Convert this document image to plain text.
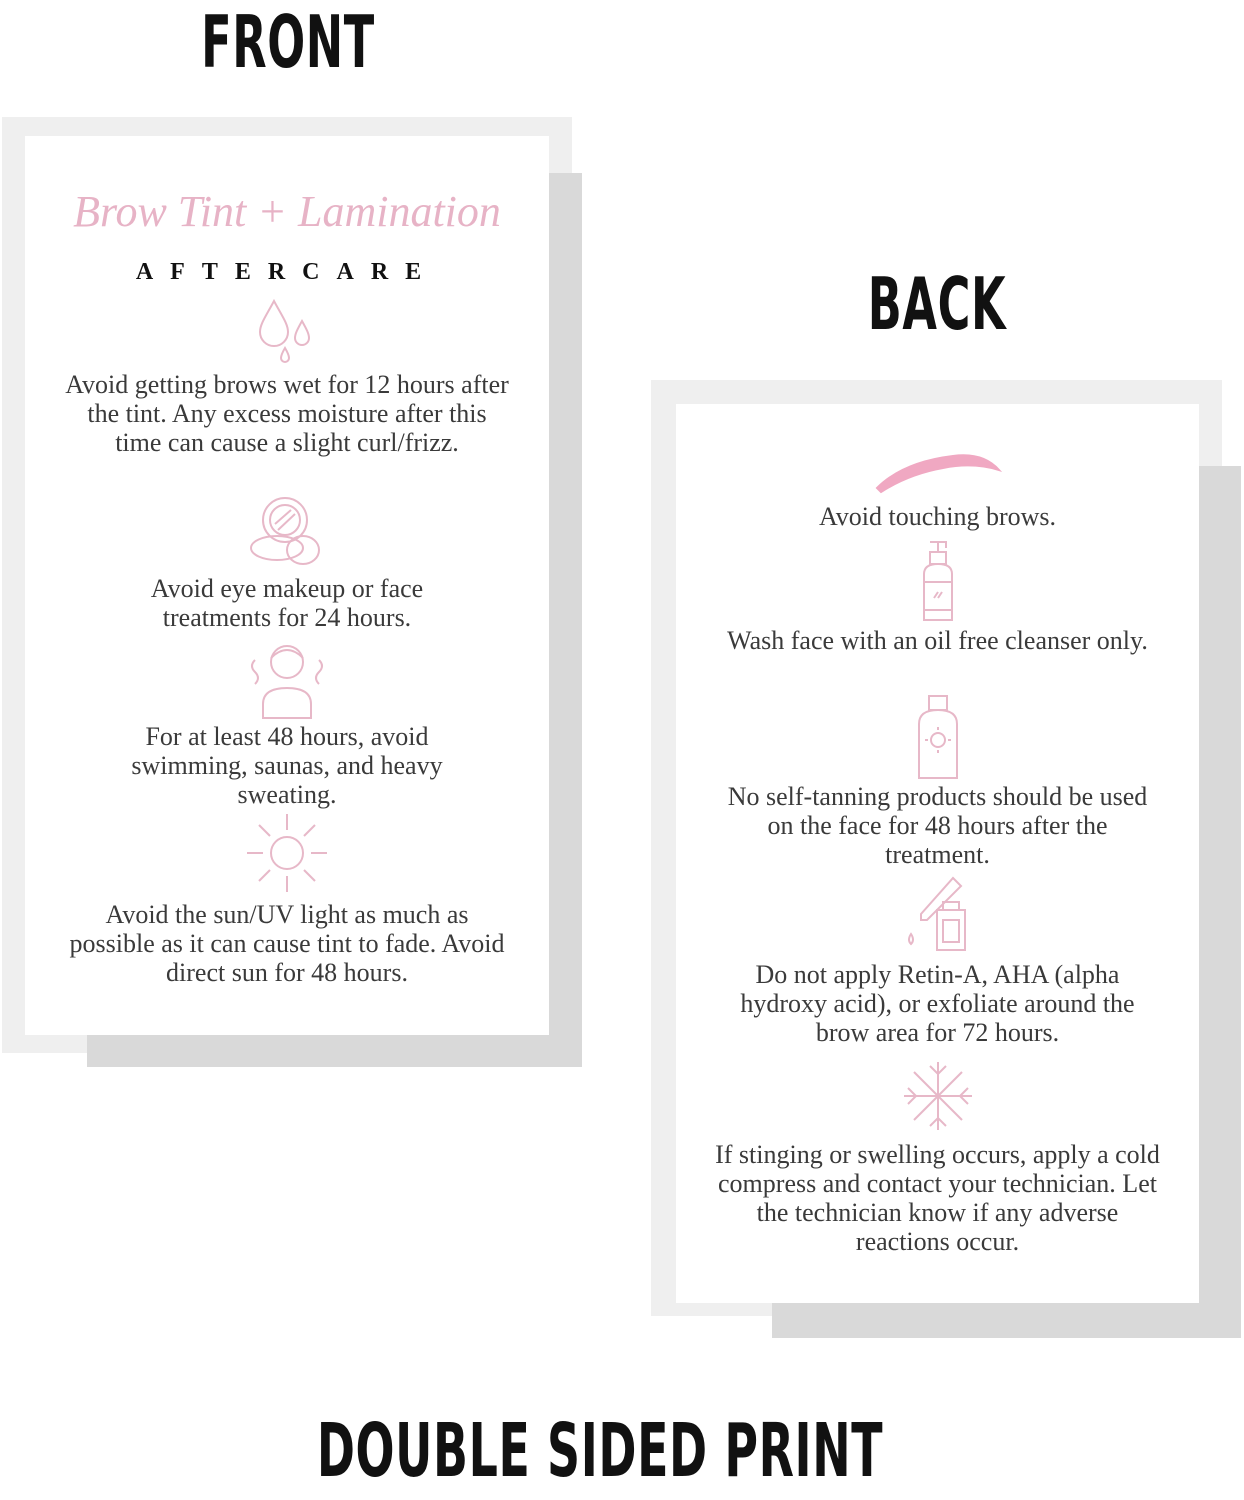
FRONT
BACK
DOUBLE SIDED PRINT
Brow Tint + Lamination
AFTERCARE
Avoid getting brows wet for 12 hours after the tint. Any excess moisture after this time can cause a slight curl/frizz.
Avoid eye makeup or face treatments for 24 hours.
For at least 48 hours, avoid swimming, saunas, and heavy sweating.
Avoid the sun/UV light as much as possible as it can cause tint to fade. Avoid direct sun for 48 hours.
Avoid touching brows.
Wash face with an oil free cleanser only.
No self-tanning products should be used on the face for 48 hours after the treatment.
Do not apply Retin-A, AHA (alpha hydroxy acid), or exfoliate around the brow area for 72 hours.
If stinging or swelling occurs, apply a cold compress and contact your technician. Let the technician know if any adverse reactions occur.
